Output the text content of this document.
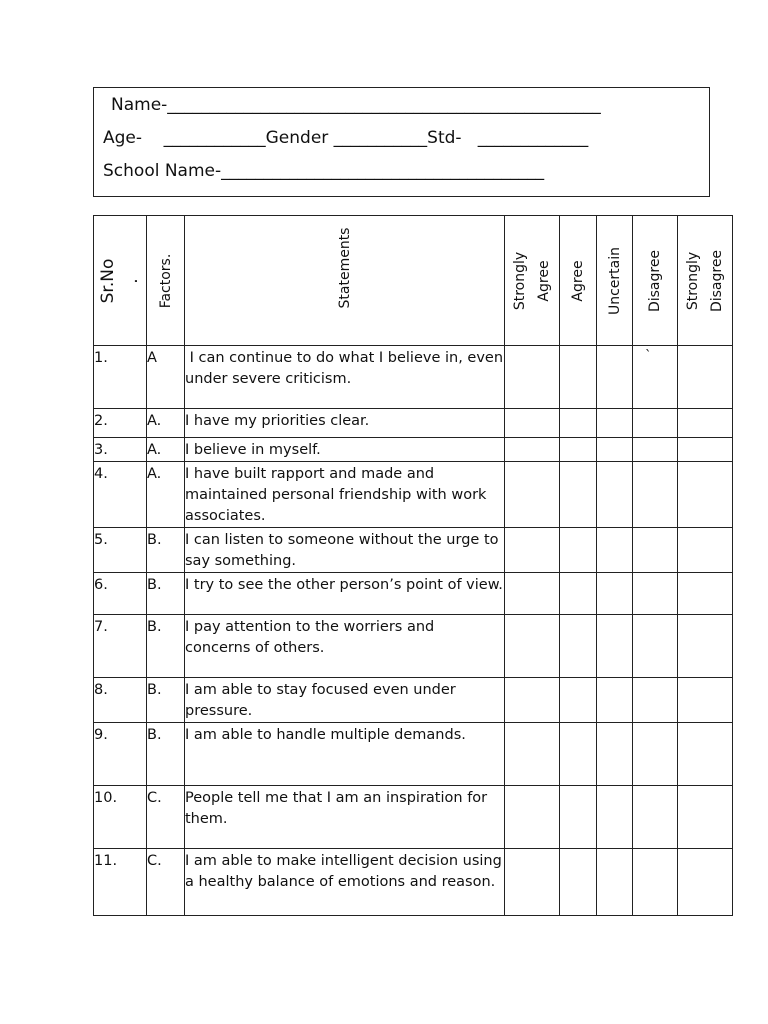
Name-___________________________________________________
Age-    ____________Gender ___________Std-   _____________
School Name-______________________________________
Sr.No .	Factors.	Statements	Strongly Agree	Agree	Uncertain	Disagree	Strongly Disagree

1.	A	I can continue to do what I believe in, even under severe criticism.				`	

2.	A.	I have my priorities clear.					
3.	A.	I believe in myself.					
4.	A.	I have built rapport and made and maintained personal friendship with work associates.					
5.	B.	I can listen to someone without the urge to say something.					
6.	B.	I try to see the other person’s point of view.					
7.	B.	I pay attention to the worriers and concerns of others.					
8.	B.	I am able to stay focused even under pressure.					
9.	B.	I am able to handle multiple demands.					
10.	C.	People tell me that I am an inspiration for them.					
11.	C.	I am able to make intelligent decision using a healthy balance of emotions and reason.					
